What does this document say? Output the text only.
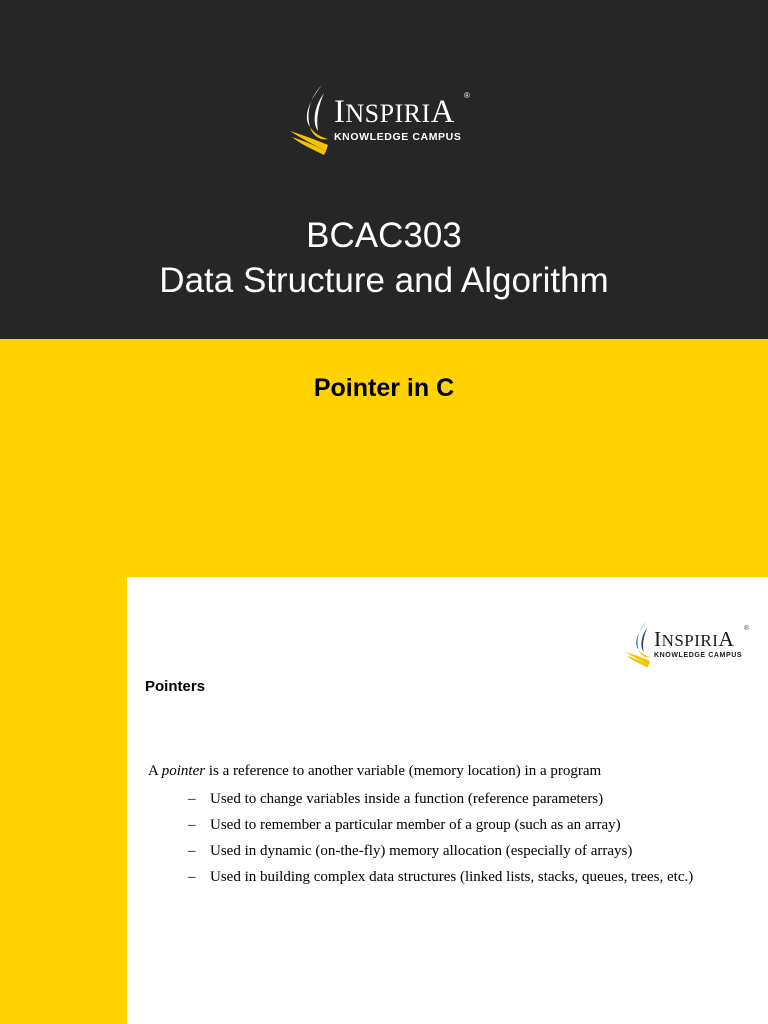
INSPIRIA ®
KNOWLEDGE CAMPUS
BCAC303
Data Structure and Algorithm
Pointer in C
INSPIRIA ®
KNOWLEDGE CAMPUS
Pointers
A pointer is a reference to another variable (memory location) in a program
– Used to change variables inside a function (reference parameters)
– Used to remember a particular member of a group (such as an array)
– Used in dynamic (on-the-fly) memory allocation (especially of arrays)
– Used in building complex data structures (linked lists, stacks, queues, trees, etc.)
